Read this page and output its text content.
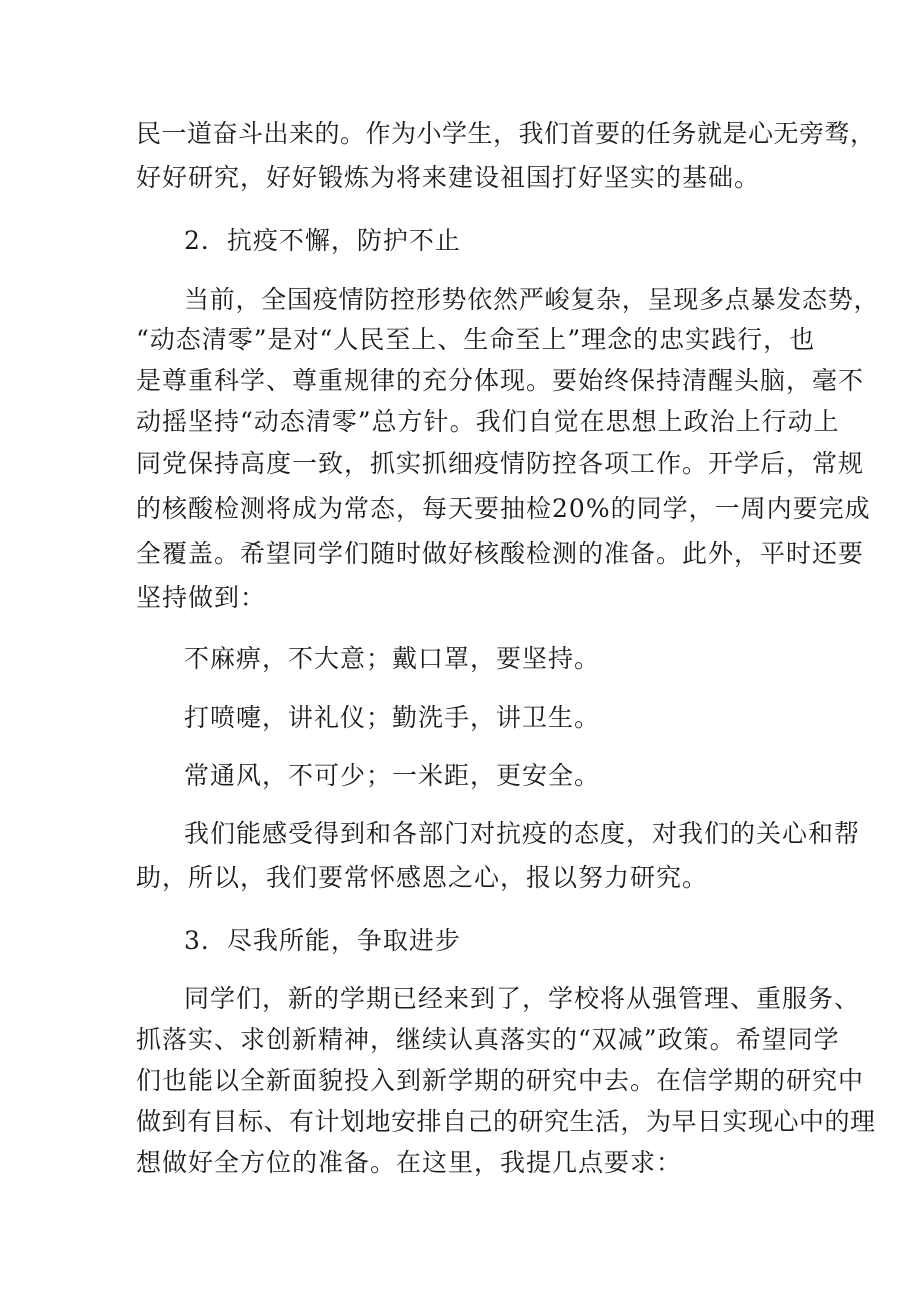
民一道奋斗出来的。作为小学生，我们首要的任务就是心无旁骛，
好好研究，好好锻炼为将来建设祖国打好坚实的基础。
2．抗疫不懈，防护不止
当前，全国疫情防控形势依然严峻复杂，呈现多点暴发态势，
“动态清零”是对“人民至上、生命至上”理念的忠实践行，也
是尊重科学、尊重规律的充分体现。要始终保持清醒头脑，毫不
动摇坚持“动态清零”总方针。我们自觉在思想上政治上行动上
同党保持高度一致，抓实抓细疫情防控各项工作。开学后，常规
的核酸检测将成为常态，每天要抽检20%的同学，一周内要完成
全覆盖。希望同学们随时做好核酸检测的准备。此外，平时还要
坚持做到：
不麻痹，不大意；戴口罩，要坚持。
打喷嚏，讲礼仪；勤洗手，讲卫生。
常通风，不可少；一米距，更安全。
我们能感受得到和各部门对抗疫的态度，对我们的关心和帮
助，所以，我们要常怀感恩之心，报以努力研究。
3．尽我所能，争取进步
同学们，新的学期已经来到了，学校将从强管理、重服务、
抓落实、求创新精神，继续认真落实的“双减”政策。希望同学
们也能以全新面貌投入到新学期的研究中去。在信学期的研究中
做到有目标、有计划地安排自己的研究生活，为早日实现心中的理
想做好全方位的准备。在这里，我提几点要求：
